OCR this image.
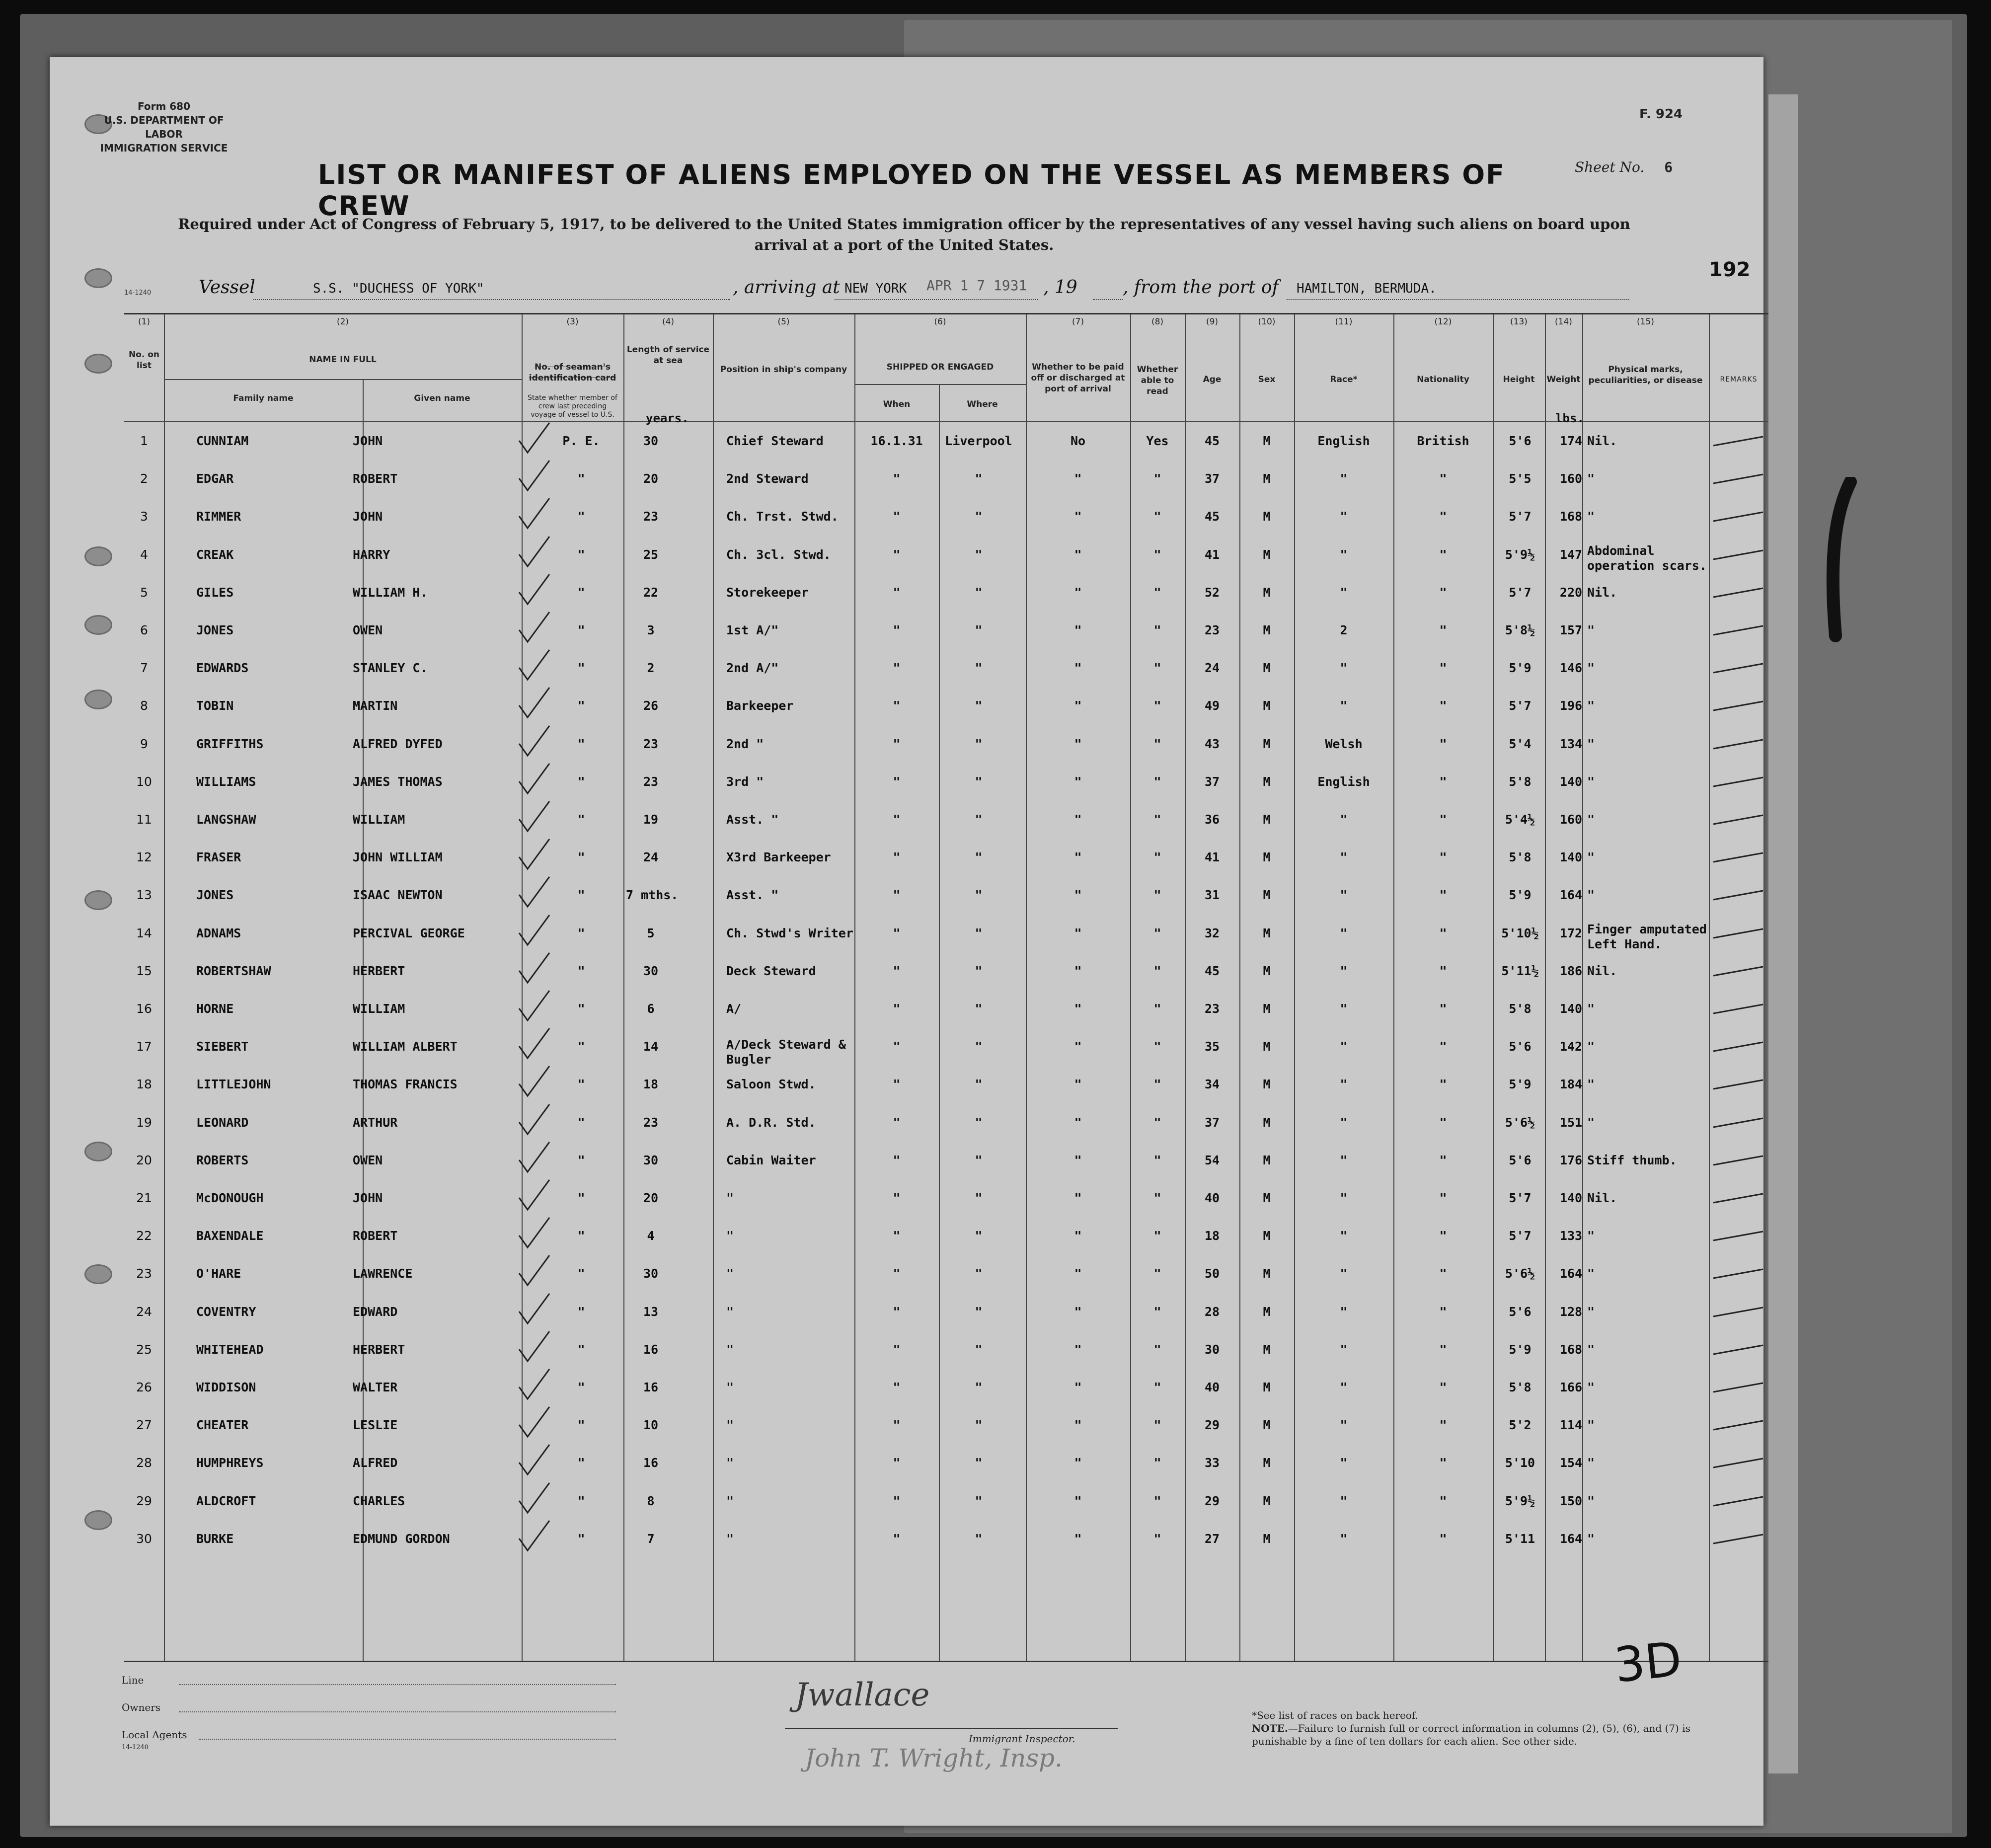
Form 680
U.S. DEPARTMENT OF LABOR
IMMIGRATION SERVICE
F. 924
Sheet No. 6
LIST OR MANIFEST OF ALIENS EMPLOYED ON THE VESSEL AS MEMBERS OF CREW
Required under Act of Congress of February 5, 1917, to be delivered to the United States immigration officer by the representatives of any vessel having such aliens on board upon arrival at a port of the United States.
192
14-1240	Vessel	S.S. "DUCHESS OF YORK"	, arriving at NEW YORK APR 1 7 1931 , 19	, from the port of HAMILTON, BERMUDA.
(1)	(2)	(3)	(4)	(5)	(6)	(7)	(8)	(9)	(10)	(11)	(12)	(13)	(14)	(15)
No. on list
NAME IN FULL
Family name	Given name
No. of seaman's identification card
State whether member of crew last preceding voyage of vessel to U.S.
Length of service at sea
Position in ship's company	SHIPPED OR ENGAGED
When	Where
Whether to be paid off or discharged at port of arrival
Whether able to read
Age	Sex	Race*	Nationality	Height	Weight
Physical marks, peculiarities, or disease	REMARKS
years.	lbs.
1	CUNNIAM	JOHN	P. E.	30	Chief Steward	16.1.31	Liverpool	No	Yes	45	M	English	British	5'6	174 Nil.
2	EDGAR	ROBERT	"	20	2nd Steward	"	"	"	"	37	M	"	"	5'5	160 "
3	RIMMER	JOHN	"	23	Ch. Trst. Stwd.	"	"	"	"	45	M	"	"	5'7	168 "
4	CREAK	HARRY	"	25	Ch. 3cl. Stwd.	"	"	"	"	41	M	"	"	5'9½	147 Abdominal operation scars.
5	GILES	WILLIAM H.	"	22	Storekeeper	"	"	"	"	52	M	"	"	5'7	220 Nil.
6	JONES	OWEN	"	3	1st A/"	"	"	"	"	23	M	2	"	5'8½	157 "
7	EDWARDS	STANLEY C.	"	2	2nd A/"	"	"	"	"	24	M	"	"	5'9	146 "
8	TOBIN	MARTIN	"	26	Barkeeper	"	"	"	"	49	M	"	"	5'7	196 "
9	GRIFFITHS	ALFRED DYFED	"	23	2nd "	"	"	"	"	43	M	Welsh	"	5'4	134 "
10	WILLIAMS	JAMES THOMAS	"	23	3rd "	"	"	"	"	37	M	English	"	5'8	140 "
11	LANGSHAW	WILLIAM	"	19	Asst. "	"	"	"	"	36	M	"	"	5'4½	160 "
12	FRASER	JOHN WILLIAM	"	24	X3rd Barkeeper	"	"	"	"	41	M	"	"	5'8	140 "
13	JONES	ISAAC NEWTON	"	7 mths.	Asst. "	"	"	"	"	31	M	"	"	5'9	164 "
14	ADNAMS	PERCIVAL GEORGE	"	5	Ch. Stwd's Writer	"	"	"	"	32	M	"	"	5'10½	172 Finger amputated Left Hand.
15	ROBERTSHAW	HERBERT	"	30	Deck Steward	"	"	"	"	45	M	"	"	5'11½	186 Nil.
16	HORNE	WILLIAM	"	6	A/	"	"	"	"	23	M	"	"	5'8	140 "
17	SIEBERT	WILLIAM ALBERT	"	14	A/Deck Steward & Bugler
"	"	"	"	35	M	"	"	5'6	142 "
18	LITTLEJOHN	THOMAS FRANCIS	"	18	Saloon Stwd.	"	"	"	"	34	M	"	"	5'9	184 "
19	LEONARD	ARTHUR	"	23	A. D.R. Std.	"	"	"	"	37	M	"	"	5'6½	151 "
20	ROBERTS	OWEN	"	30	Cabin Waiter	"	"	"	"	54	M	"	"	5'6	176 Stiff thumb.
21	McDONOUGH	JOHN	"	20	"	"	"	"	"	40	M	"	"	5'7	140 Nil.
22	BAXENDALE	ROBERT	"	4	"	"	"	"	"	18	M	"	"	5'7	133 "
23	O'HARE	LAWRENCE	"	30	"	"	"	"	"	50	M	"	"	5'6½	164 "
24	COVENTRY	EDWARD	"	13	"	"	"	"	"	28	M	"	"	5'6	128 "
25	WHITEHEAD	HERBERT	"	16	"	"	"	"	"	30	M	"	"	5'9	168 "
26	WIDDISON	WALTER	"	16	"	"	"	"	"	40	M	"	"	5'8	166 "
27	CHEATER	LESLIE	"	10	"	"	"	"	"	29	M	"	"	5'2	114 "
28	HUMPHREYS	ALFRED	"	16	"	"	"	"	"	33	M	"	"	5'10	154 "
29	ALDCROFT	CHARLES	"	8	"	"	"	"	"	29	M	"	"	5'9½	150 "
30	BURKE	EDMUND GORDON	"	7	"	"	"	"	"	27	M	"	"	5'11	164 "
Line
Owners
Local Agents
14-1240
Jwallace
Immigrant Inspector.
John T. Wright, Insp.
*See list of races on back hereof.
NOTE.—Failure to furnish full or correct information in columns (2), (5), (6), and (7) is punishable by a fine of ten dollars for each alien. See other side.
3D
